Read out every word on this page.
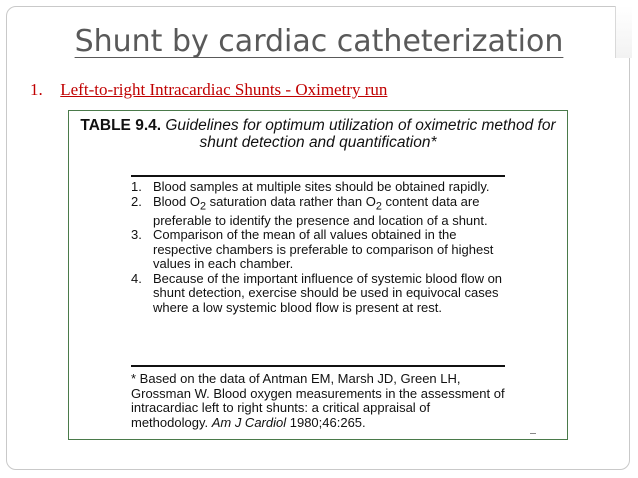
Shunt by cardiac catheterization
1. Left-to-right Intracardiac Shunts - Oximetry run
TABLE 9.4. Guidelines for optimum utilization of oximetric method for shunt detection and quantification*
1. Blood samples at multiple sites should be obtained rapidly.
2. Blood $O_2$ saturation data rather than $O_2$ content data are preferable to identify the presence and location of a shunt.
3. Comparison of the mean of all values obtained in the respective chambers is preferable to comparison of highest values in each chamber.
4. Because of the important influence of systemic blood flow on shunt detection, exercise should be used in equivocal cases where a low systemic blood flow is present at rest.
* Based on the data of Antman EM, Marsh JD, Green LH, Grossman W. Blood oxygen measurements in the assessment of intracardiac left to right shunts: a critical appraisal of methodology. Am J Cardiol 1980;46:265.
